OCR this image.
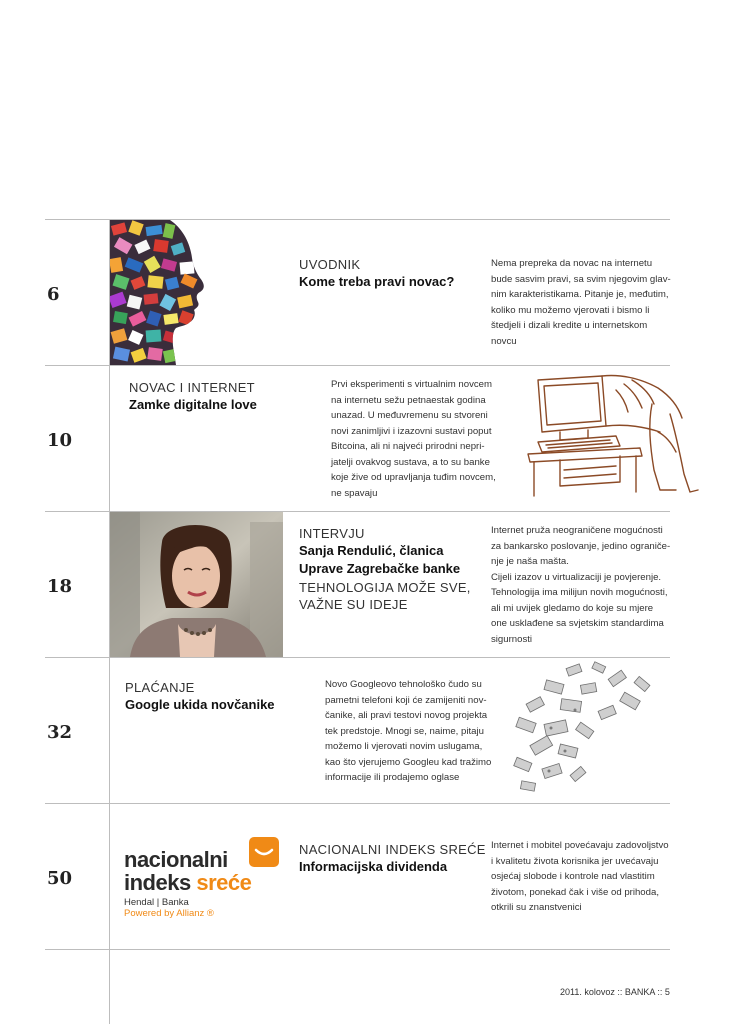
6
UVODNIK
Kome treba pravi novac?
Nema prepreka da novac na internetu
bude sasvim pravi, sa svim njegovim glav-
nim karakteristikama. Pitanje je, međutim,
koliko mu možemo vjerovati i bismo li
štedjeli i dizali kredite u internetskom
novcu
10
NOVAC I INTERNET
Zamke digitalne love
Prvi eksperimenti s virtualnim novcem
na internetu sežu petnaestak godina
unazad. U međuvremenu su stvoreni
novi zanimljivi i izazovni sustavi poput
Bitcoina, ali ni najveći prirodni nepri-
jatelji ovakvog sustava, a to su banke
koje žive od upravljanja tuđim novcem,
ne spavaju
18
INTERVJU
Sanja Rendulić, članica
Uprave Zagrebačke banke
TEHNOLOGIJA MOŽE SVE,
VAŽNE SU IDEJE
Internet pruža neograničene mogućnosti
za bankarsko poslovanje, jedino ograniče-
nje je naša mašta.
Cijeli izazov u virtualizaciji je povjerenje.
Tehnologija ima milijun novih mogućnosti,
ali mi uvijek gledamo do koje su mjere
one usklađene sa svjetskim standardima
sigurnosti
32
PLAĆANJE
Google ukida novčanike
Novo Googleovo tehnološko čudo su
pametni telefoni koji će zamijeniti nov-
čanike, ali pravi testovi novog projekta
tek predstoje. Mnogi se, naime, pitaju
možemo li vjerovati novim uslugama,
kao što vjerujemo Googleu kad tražimo
informacije ili prodajemo oglase
50
nacionalni
indeks sreće
Hendal | Banka
Powered by Allianz ®
NACIONALNI INDEKS SREĆE
Informacijska dividenda
Internet i mobitel povećavaju zadovoljstvo
i kvalitetu života korisnika jer uvećavaju
osjećaj slobode i kontrole nad vlastitim
životom, ponekad čak i više od prihoda,
otkrili su znanstvenici
2011. kolovoz :: BANKA :: 5
